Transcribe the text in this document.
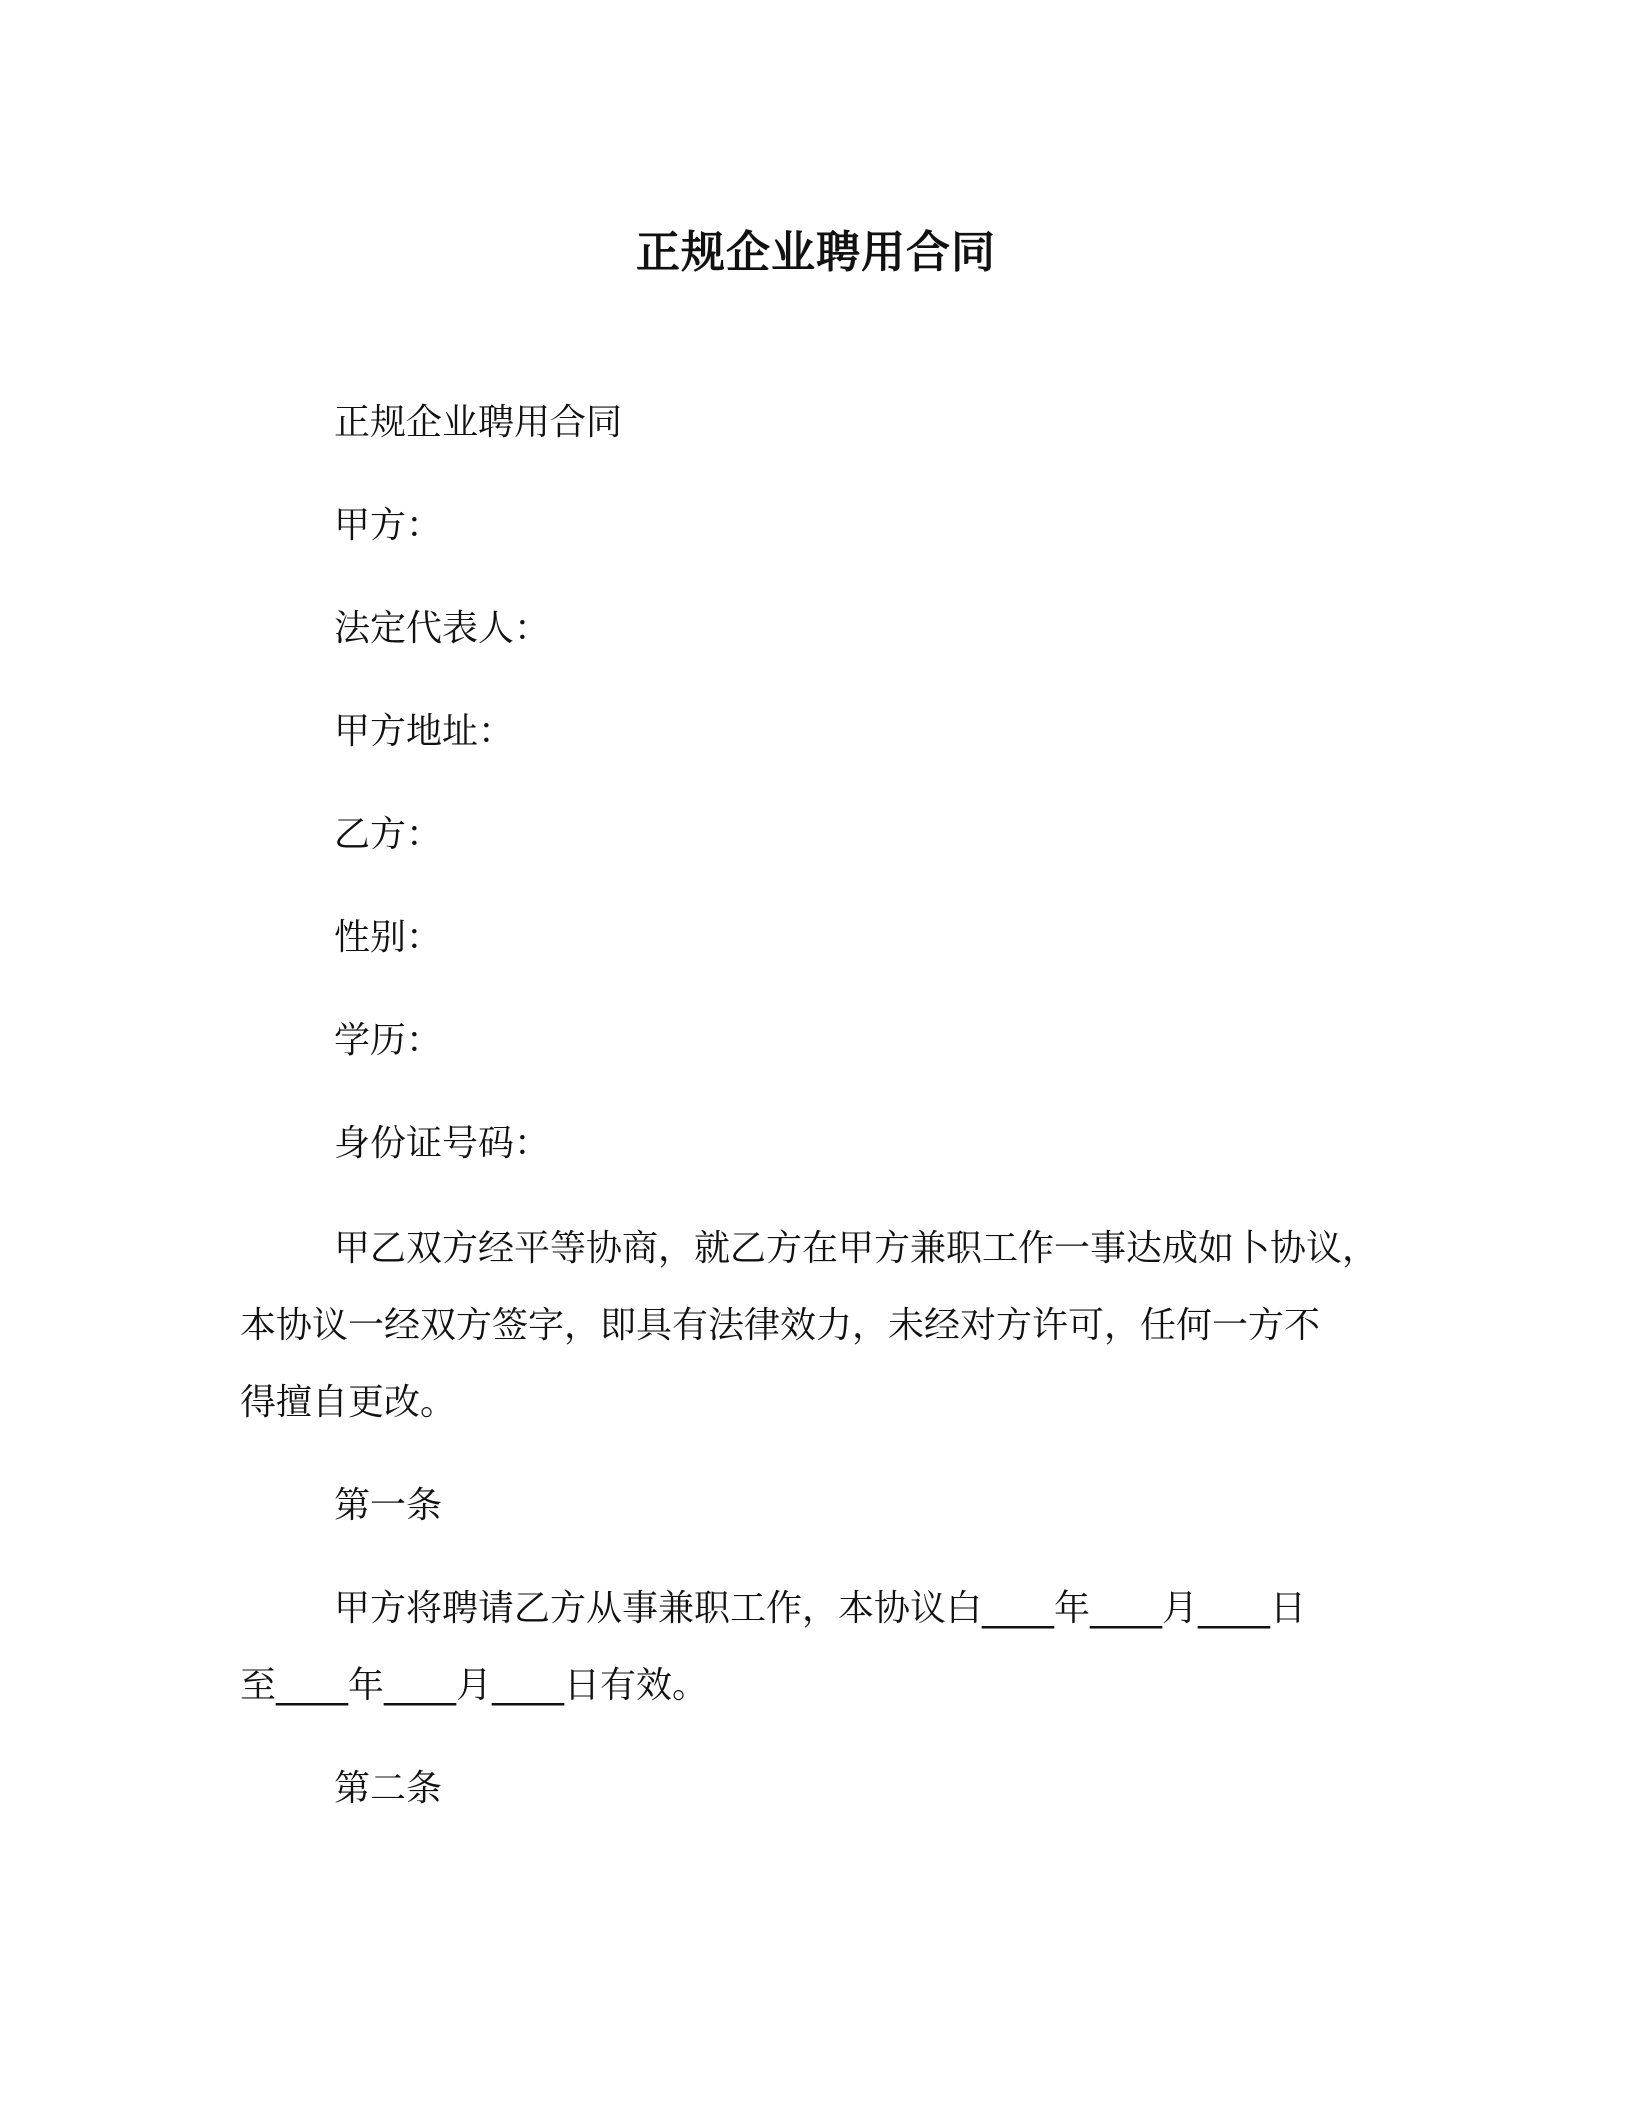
正规企业聘用合同
正规企业聘用合同
甲方：
法定代表人：
甲方地址：
乙方：
性别：
学历：
身份证号码：
甲乙双方经平等协商，就乙方在甲方兼职工作一事达成如卜协议，
本协议一经双方签字，即具有法律效力，未经对方许可，任何一方不
得擅自更改。
第一条
甲方将聘请乙方从事兼职工作，本协议白____年____月____日
至____年____月____日有效。
第二条
